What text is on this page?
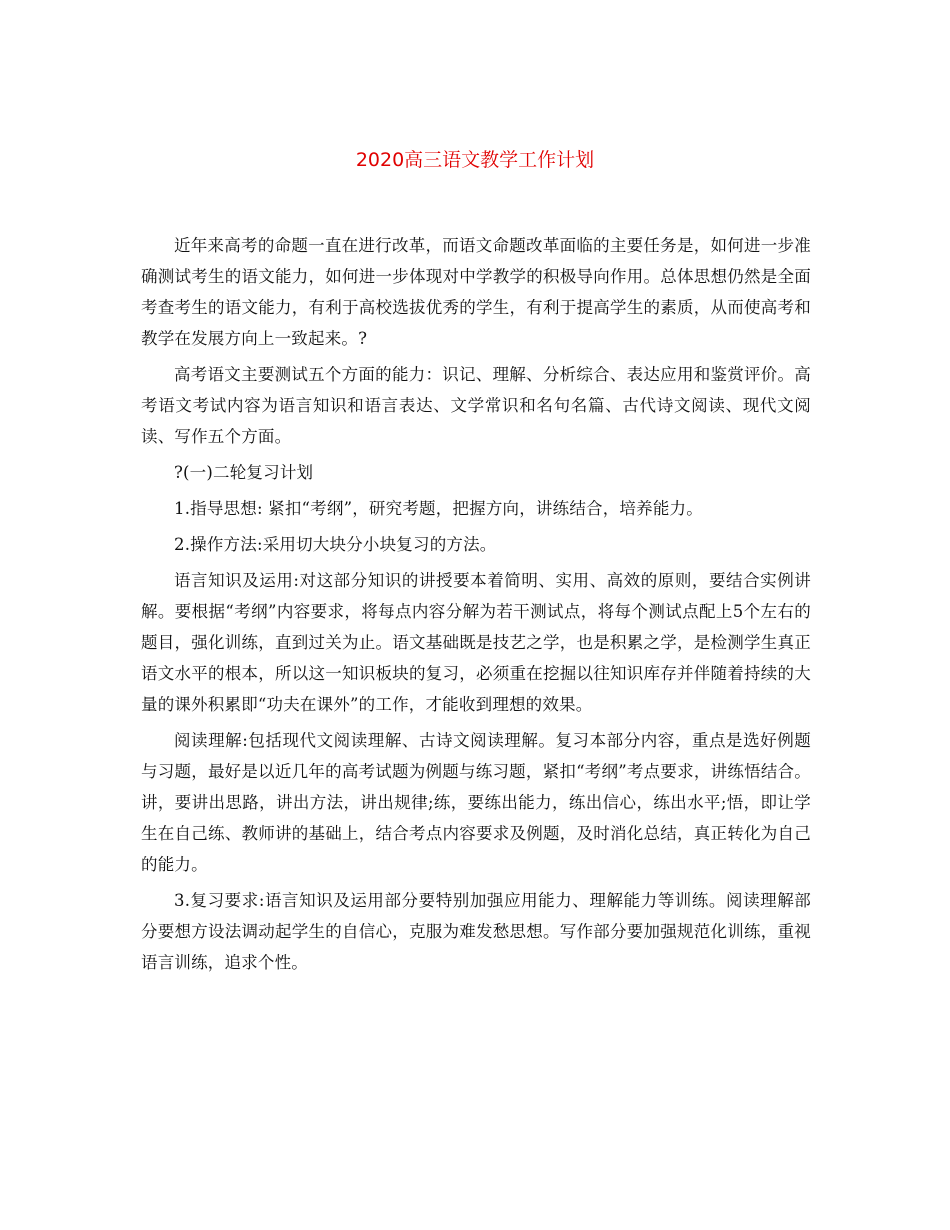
2020高三语文教学工作计划

近年来高考的命题一直在进行改革，而语文命题改革面临的主要任务是，如何进一步准确测试考生的语文能力，如何进一步体现对中学教学的积极导向作用。总体思想仍然是全面考查考生的语文能力，有利于高校选拔优秀的学生，有利于提高学生的素质，从而使高考和教学在发展方向上一致起来。?

高考语文主要测试五个方面的能力：识记、理解、分析综合、表达应用和鉴赏评价。高考语文考试内容为语言知识和语言表达、文学常识和名句名篇、古代诗文阅读、现代文阅读、写作五个方面。

?(一)二轮复习计划

1.指导思想: 紧扣“考纲”，研究考题，把握方向，讲练结合，培养能力。

2.操作方法:采用切大块分小块复习的方法。

语言知识及运用:对这部分知识的讲授要本着简明、实用、高效的原则，要结合实例讲解。要根据“考纲”内容要求，将每点内容分解为若干测试点，将每个测试点配上5个左右的题目，强化训练，直到过关为止。语文基础既是技艺之学，也是积累之学，是检测学生真正语文水平的根本，所以这一知识板块的复习，必须重在挖掘以往知识库存并伴随着持续的大量的课外积累即“功夫在课外”的工作，才能收到理想的效果。

阅读理解:包括现代文阅读理解、古诗文阅读理解。复习本部分内容，重点是选好例题与习题，最好是以近几年的高考试题为例题与练习题，紧扣“考纲”考点要求，讲练悟结合。讲，要讲出思路，讲出方法，讲出规律;练，要练出能力，练出信心，练出水平;悟，即让学生在自己练、教师讲的基础上，结合考点内容要求及例题，及时消化总结，真正转化为自己的能力。

3.复习要求:语言知识及运用部分要特别加强应用能力、理解能力等训练。阅读理解部分要想方设法调动起学生的自信心，克服为难发愁思想。写作部分要加强规范化训练，重视语言训练，追求个性。
